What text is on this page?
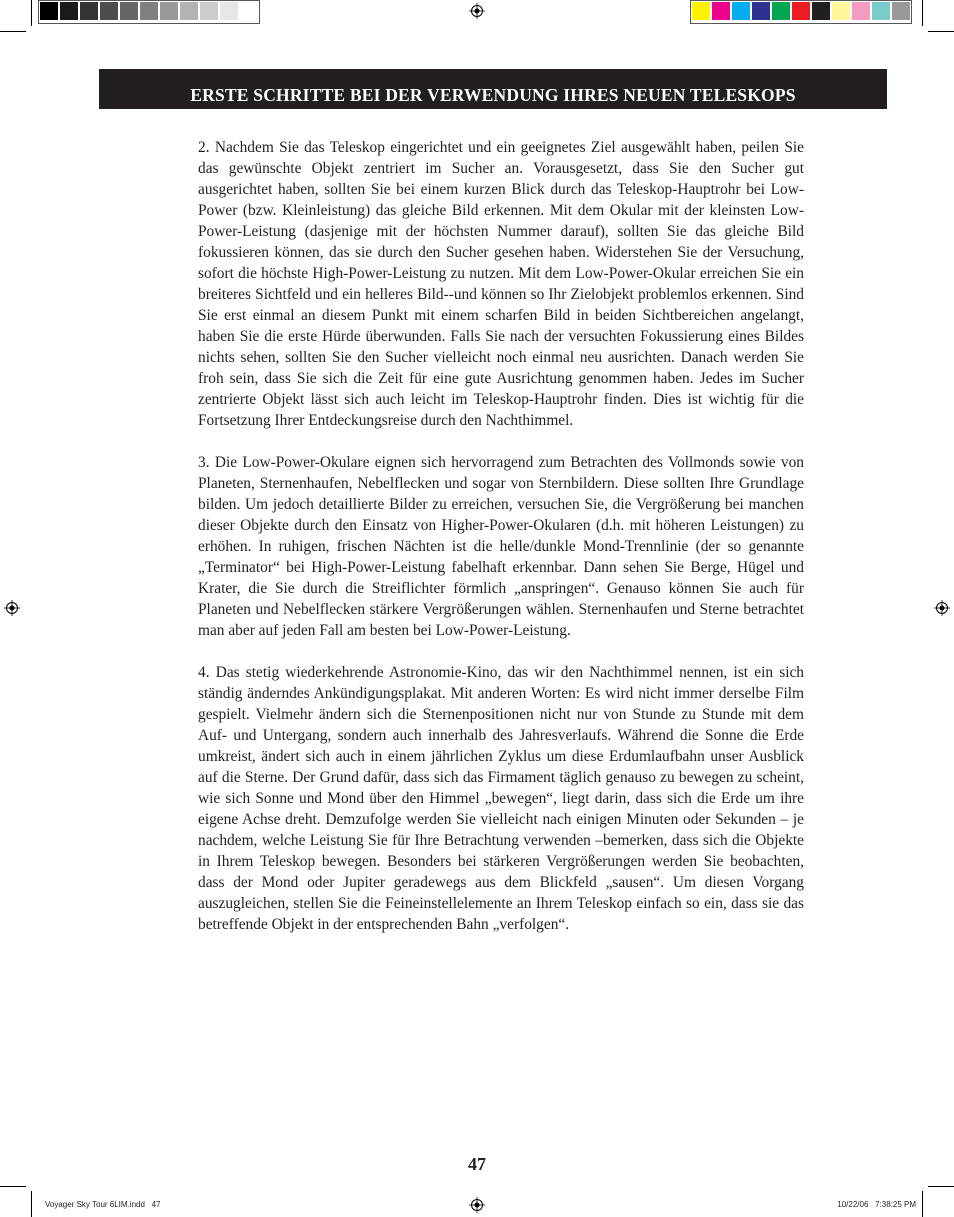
ERSTE SCHRITTE BEI DER VERWENDUNG IHRES NEUEN TELESKOPS

2. Nachdem Sie das Teleskop eingerichtet und ein geeignetes Ziel ausgewählt haben, peilen Sie das gewünschte Objekt zentriert im Sucher an. Vorausgesetzt, dass Sie den Sucher gut ausgerichtet haben, sollten Sie bei einem kurzen Blick durch das Teleskop-Hauptrohr bei Low-Power (bzw. Kleinleistung) das gleiche Bild erkennen. Mit dem Okular mit der kleinsten Low-Power-Leistung (dasjenige mit der höchsten Nummer darauf), sollten Sie das gleiche Bild fokussieren können, das sie durch den Sucher gesehen haben. Widerstehen Sie der Versuchung, sofort die höchste High-Power-Leistung zu nutzen. Mit dem Low-Power-Okular erreichen Sie ein breiteres Sichtfeld und ein helleres Bild--und können so Ihr Zielobjekt problemlos erkennen. Sind Sie erst einmal an diesem Punkt mit einem scharfen Bild in beiden Sichtbereichen angelangt, haben Sie die erste Hürde überwunden. Falls Sie nach der versuchten Fokussierung eines Bildes nichts sehen, sollten Sie den Sucher vielleicht noch einmal neu ausrichten. Danach werden Sie froh sein, dass Sie sich die Zeit für eine gute Ausrichtung genommen haben. Jedes im Sucher zentrierte Objekt lässt sich auch leicht im Teleskop-Hauptrohr finden. Dies ist wichtig für die Fortsetzung Ihrer Entdeckungsreise durch den Nachthimmel.

3. Die Low-Power-Okulare eignen sich hervorragend zum Betrachten des Vollmonds sowie von Planeten, Sternenhaufen, Nebelflecken und sogar von Sternbildern. Diese sollten Ihre Grundlage bilden. Um jedoch detaillierte Bilder zu erreichen, versuchen Sie, die Vergrößerung bei manchen dieser Objekte durch den Einsatz von Higher-Power-Okularen (d.h. mit höheren Leistungen) zu erhöhen. In ruhigen, frischen Nächten ist die helle/dunkle Mond-Trennlinie (der so genannte „Terminator“ bei High-Power-Leistung fabelhaft erkennbar. Dann sehen Sie Berge, Hügel und Krater, die Sie durch die Streiflichter förmlich „anspringen“. Genauso können Sie auch für Planeten und Nebelflecken stärkere Vergrößerungen wählen. Sternenhaufen und Sterne betrachtet man aber auf jeden Fall am besten bei Low-Power-Leistung.

4. Das stetig wiederkehrende Astronomie-Kino, das wir den Nachthimmel nennen, ist ein sich ständig änderndes Ankündigungsplakat. Mit anderen Worten: Es wird nicht immer derselbe Film gespielt. Vielmehr ändern sich die Sternenpositionen nicht nur von Stunde zu Stunde mit dem Auf- und Untergang, sondern auch innerhalb des Jahresverlaufs. Während die Sonne die Erde umkreist, ändert sich auch in einem jährlichen Zyklus um diese Erdumlaufbahn unser Ausblick auf die Sterne. Der Grund dafür, dass sich das Firmament täglich genauso zu bewegen zu scheint, wie sich Sonne und Mond über den Himmel „bewegen“, liegt darin, dass sich die Erde um ihre eigene Achse dreht. Demzufolge werden Sie vielleicht nach einigen Minuten oder Sekunden – je nachdem, welche Leistung Sie für Ihre Betrachtung verwenden –bemerken, dass sich die Objekte in Ihrem Teleskop bewegen. Besonders bei stärkeren Vergrößerungen werden Sie beobachten, dass der Mond oder Jupiter geradewegs aus dem Blickfeld „sausen“. Um diesen Vorgang auszugleichen, stellen Sie die Feineinstellelemente an Ihrem Teleskop einfach so ein, dass sie das betreffende Objekt in der entsprechenden Bahn „verfolgen“.

47
Voyager Sky Tour 6LIM.indd   47	10/22/06   7:38:25 PM
